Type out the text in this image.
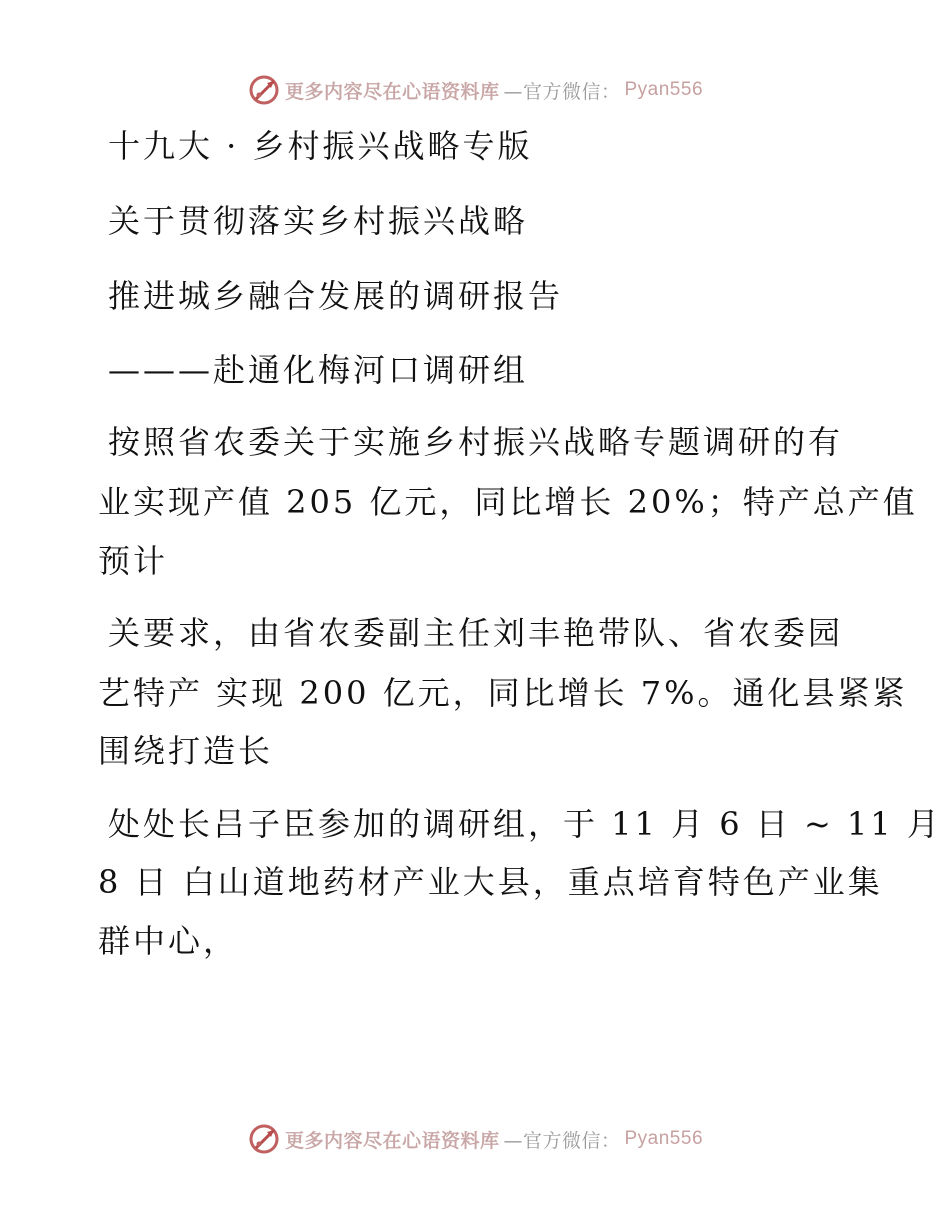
更多内容尽在心语资料库 —官方微信： Pyan556

十九大 · 乡村振兴战略专版

关于贯彻落实乡村振兴战略

推进城乡融合发展的调研报告

———赴通化梅河口调研组

按照省农委关于实施乡村振兴战略专题调研的有

业实现产值 205 亿元，同比增长 20%；特产总产值

预计

关要求，由省农委副主任刘丰艳带队、省农委园

艺特产 实现 200 亿元，同比增长 7%。通化县紧紧

围绕打造长

处处长吕子臣参加的调研组，于 11 月 6 日 ~ 11 月

8 日 白山道地药材产业大县，重点培育特色产业集

群中心，

更多内容尽在心语资料库 —官方微信： Pyan556
